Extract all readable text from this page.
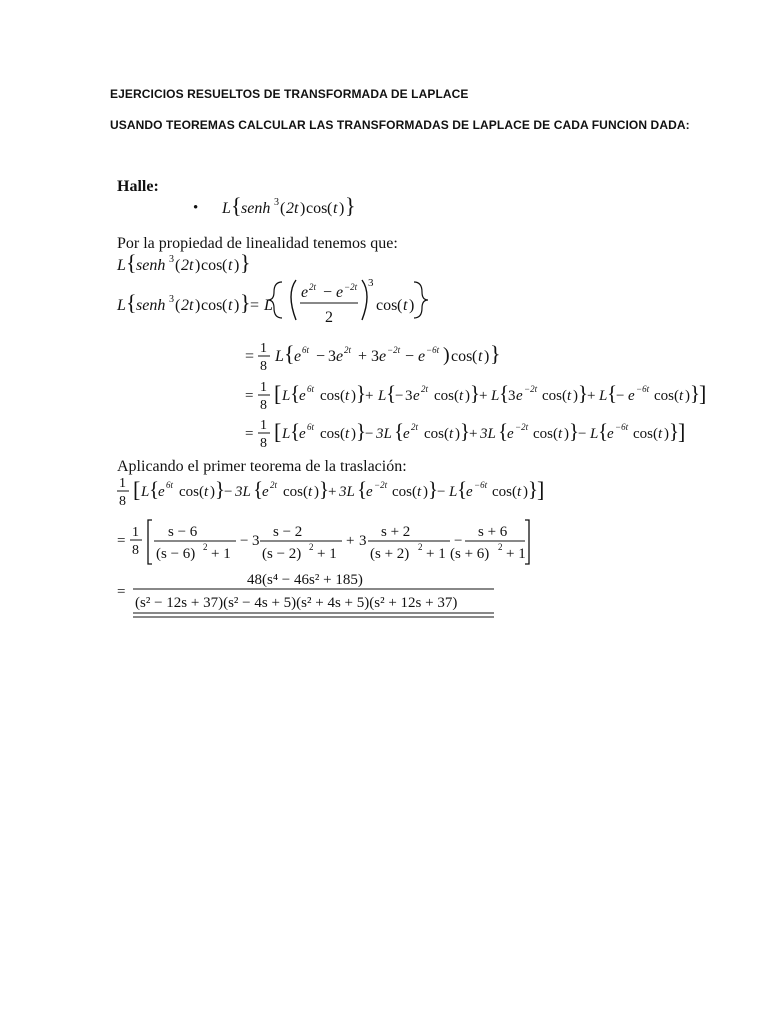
EJERCICIOS RESUELTOS DE TRANSFORMADA DE LAPLACE
USANDO TEOREMAS CALCULAR LAS TRANSFORMADAS DE LAPLACE DE CADA FUNCION DADA:
Halle:
• L { senh 3 ( 2t ) cos ( t ) }
Por la propiedad de linealidad tenemos que:
L { senh 3 ( 2t ) cos ( t ) }
L { senh 3 ( 2t ) cos ( t ) } = L
e 2t − e −2t
2
3
cos ( t )
= 1
8
L { e 6t − 3 e 2t + 3 e −2t − e −6t ) cos ( t ) }
=
1
8 [ L {
e 6t cos ( t ) }
+ L {
− 3 e 2t cos ( t ) }
+ L {
3 e −2t cos ( t ) }
+ L {
− e −6t cos ( t ) }
]
=
1
8 [ L {
e 6t cos ( t ) }
− 3L {
e 2t cos ( t ) }
+ 3L {
e −2t cos ( t ) }
− L {
e −6t cos ( t ) }
]
Aplicando el primer teorema de la traslación:
1
8 [ L {
e 6t cos ( t ) }
− 3L {
e 2t cos ( t ) }
+ 3L {
e −2t cos ( t ) }
− L {
e −6t cos ( t ) }
]
=
1
8
s − 6
(s − 6) 2 + 1
− 3
s − 2
(s − 2) 2 + 1
+ 3
s + 2
(s + 2) 2 + 1
−
s + 6
(s + 6) 2 + 1
48(s⁴ − 46s² + 185)
=
(s² − 12s + 37)(s² − 4s + 5)(s² + 4s + 5)(s² + 12s + 37)
